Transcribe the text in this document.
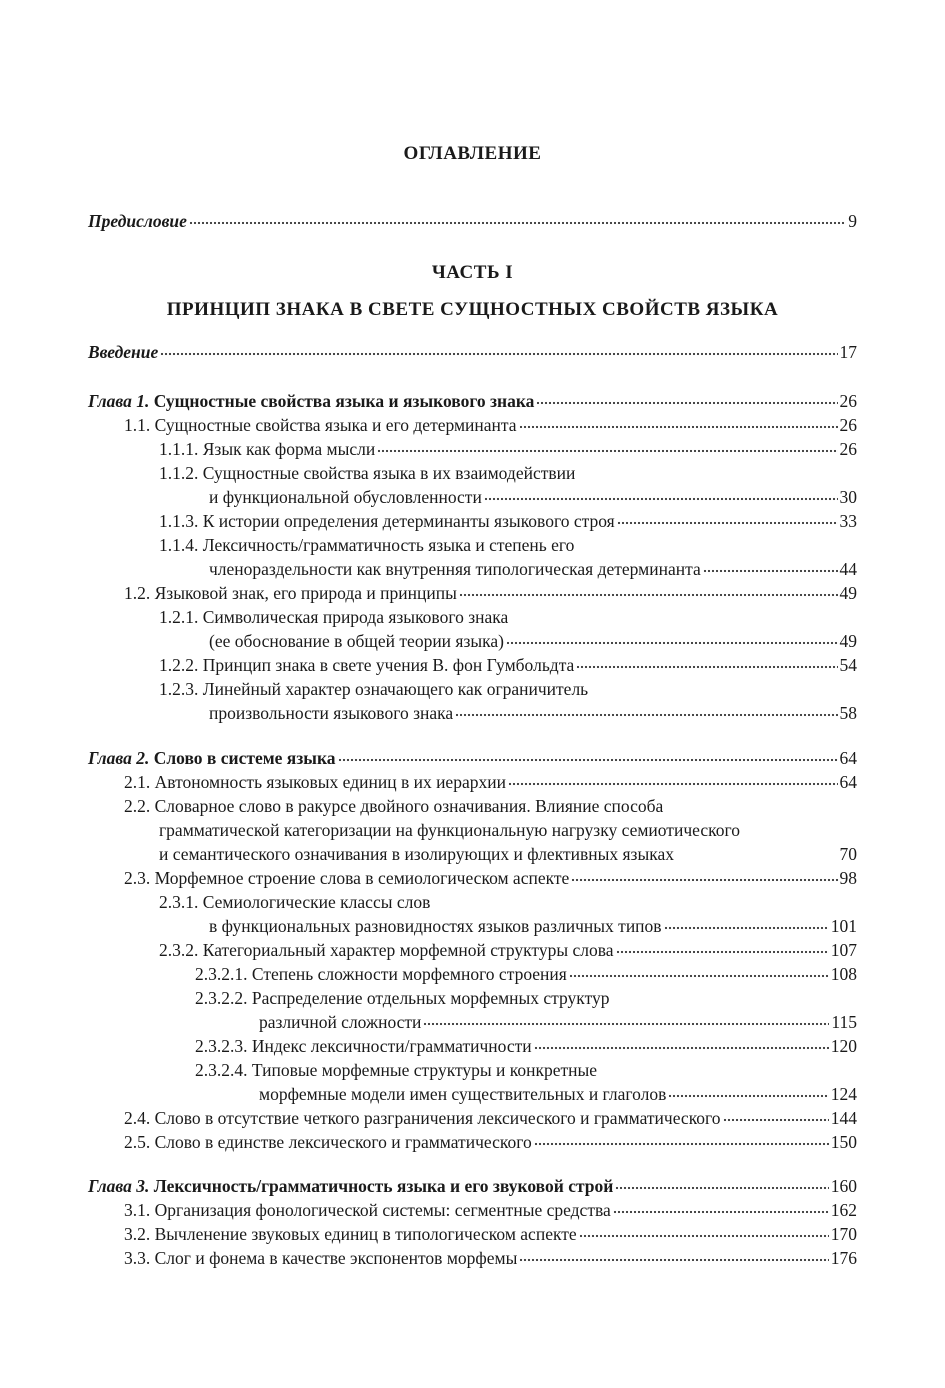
ОГЛАВЛЕНИЕ
Предисловие	9
ЧАСТЬ I
ПРИНЦИП ЗНАКА В СВЕТЕ СУЩНОСТНЫХ СВОЙСТВ ЯЗЫКА
Введение	17
Глава 1. Сущностные свойства языка и языкового знака	26
1.1. Сущностные свойства языка и его детерминанта	26
1.1.1. Язык как форма мысли	26
1.1.2. Сущностные свойства языка в их взаимодействии
и функциональной обусловленности	30
1.1.3. К истории определения детерминанты языкового строя	33
1.1.4. Лексичность/грамматичность языка и степень его
членораздельности как внутренняя типологическая детерминанта	44
1.2. Языковой знак, его природа и принципы	49
1.2.1. Символическая природа языкового знака
(ее обоснование в общей теории языка)	49
1.2.2. Принцип знака в свете учения В. фон Гумбольдта	54
1.2.3. Линейный характер означающего как ограничитель
произвольности языкового знака	58
Глава 2. Слово в системе языка	64
2.1. Автономность языковых единиц в их иерархии	64
2.2. Словарное слово в ракурсе двойного означивания. Влияние способа
грамматической категоризации на функциональную нагрузку семиотического
и семантического означивания в изолирующих и флективных языках	70
2.3. Морфемное строение слова в семиологическом аспекте	98
2.3.1. Семиологические классы слов
в функциональных разновидностях языков различных типов	101
2.3.2. Категориальный характер морфемной структуры слова	107
2.3.2.1. Степень сложности морфемного строения	108
2.3.2.2. Распределение отдельных морфемных структур
различной сложности	115
2.3.2.3. Индекс лексичности/грамматичности	120
2.3.2.4. Типовые морфемные структуры и конкретные
морфемные модели имен существительных и глаголов	124
2.4. Слово в отсутствие четкого разграничения лексического и грамматического	144
2.5. Слово в единстве лексического и грамматического	150
Глава 3. Лексичность/грамматичность языка и его звуковой строй	160
3.1. Организация фонологической системы: сегментные средства	162
3.2. Вычленение звуковых единиц в типологическом аспекте	170
3.3. Слог и фонема в качестве экспонентов морфемы	176
